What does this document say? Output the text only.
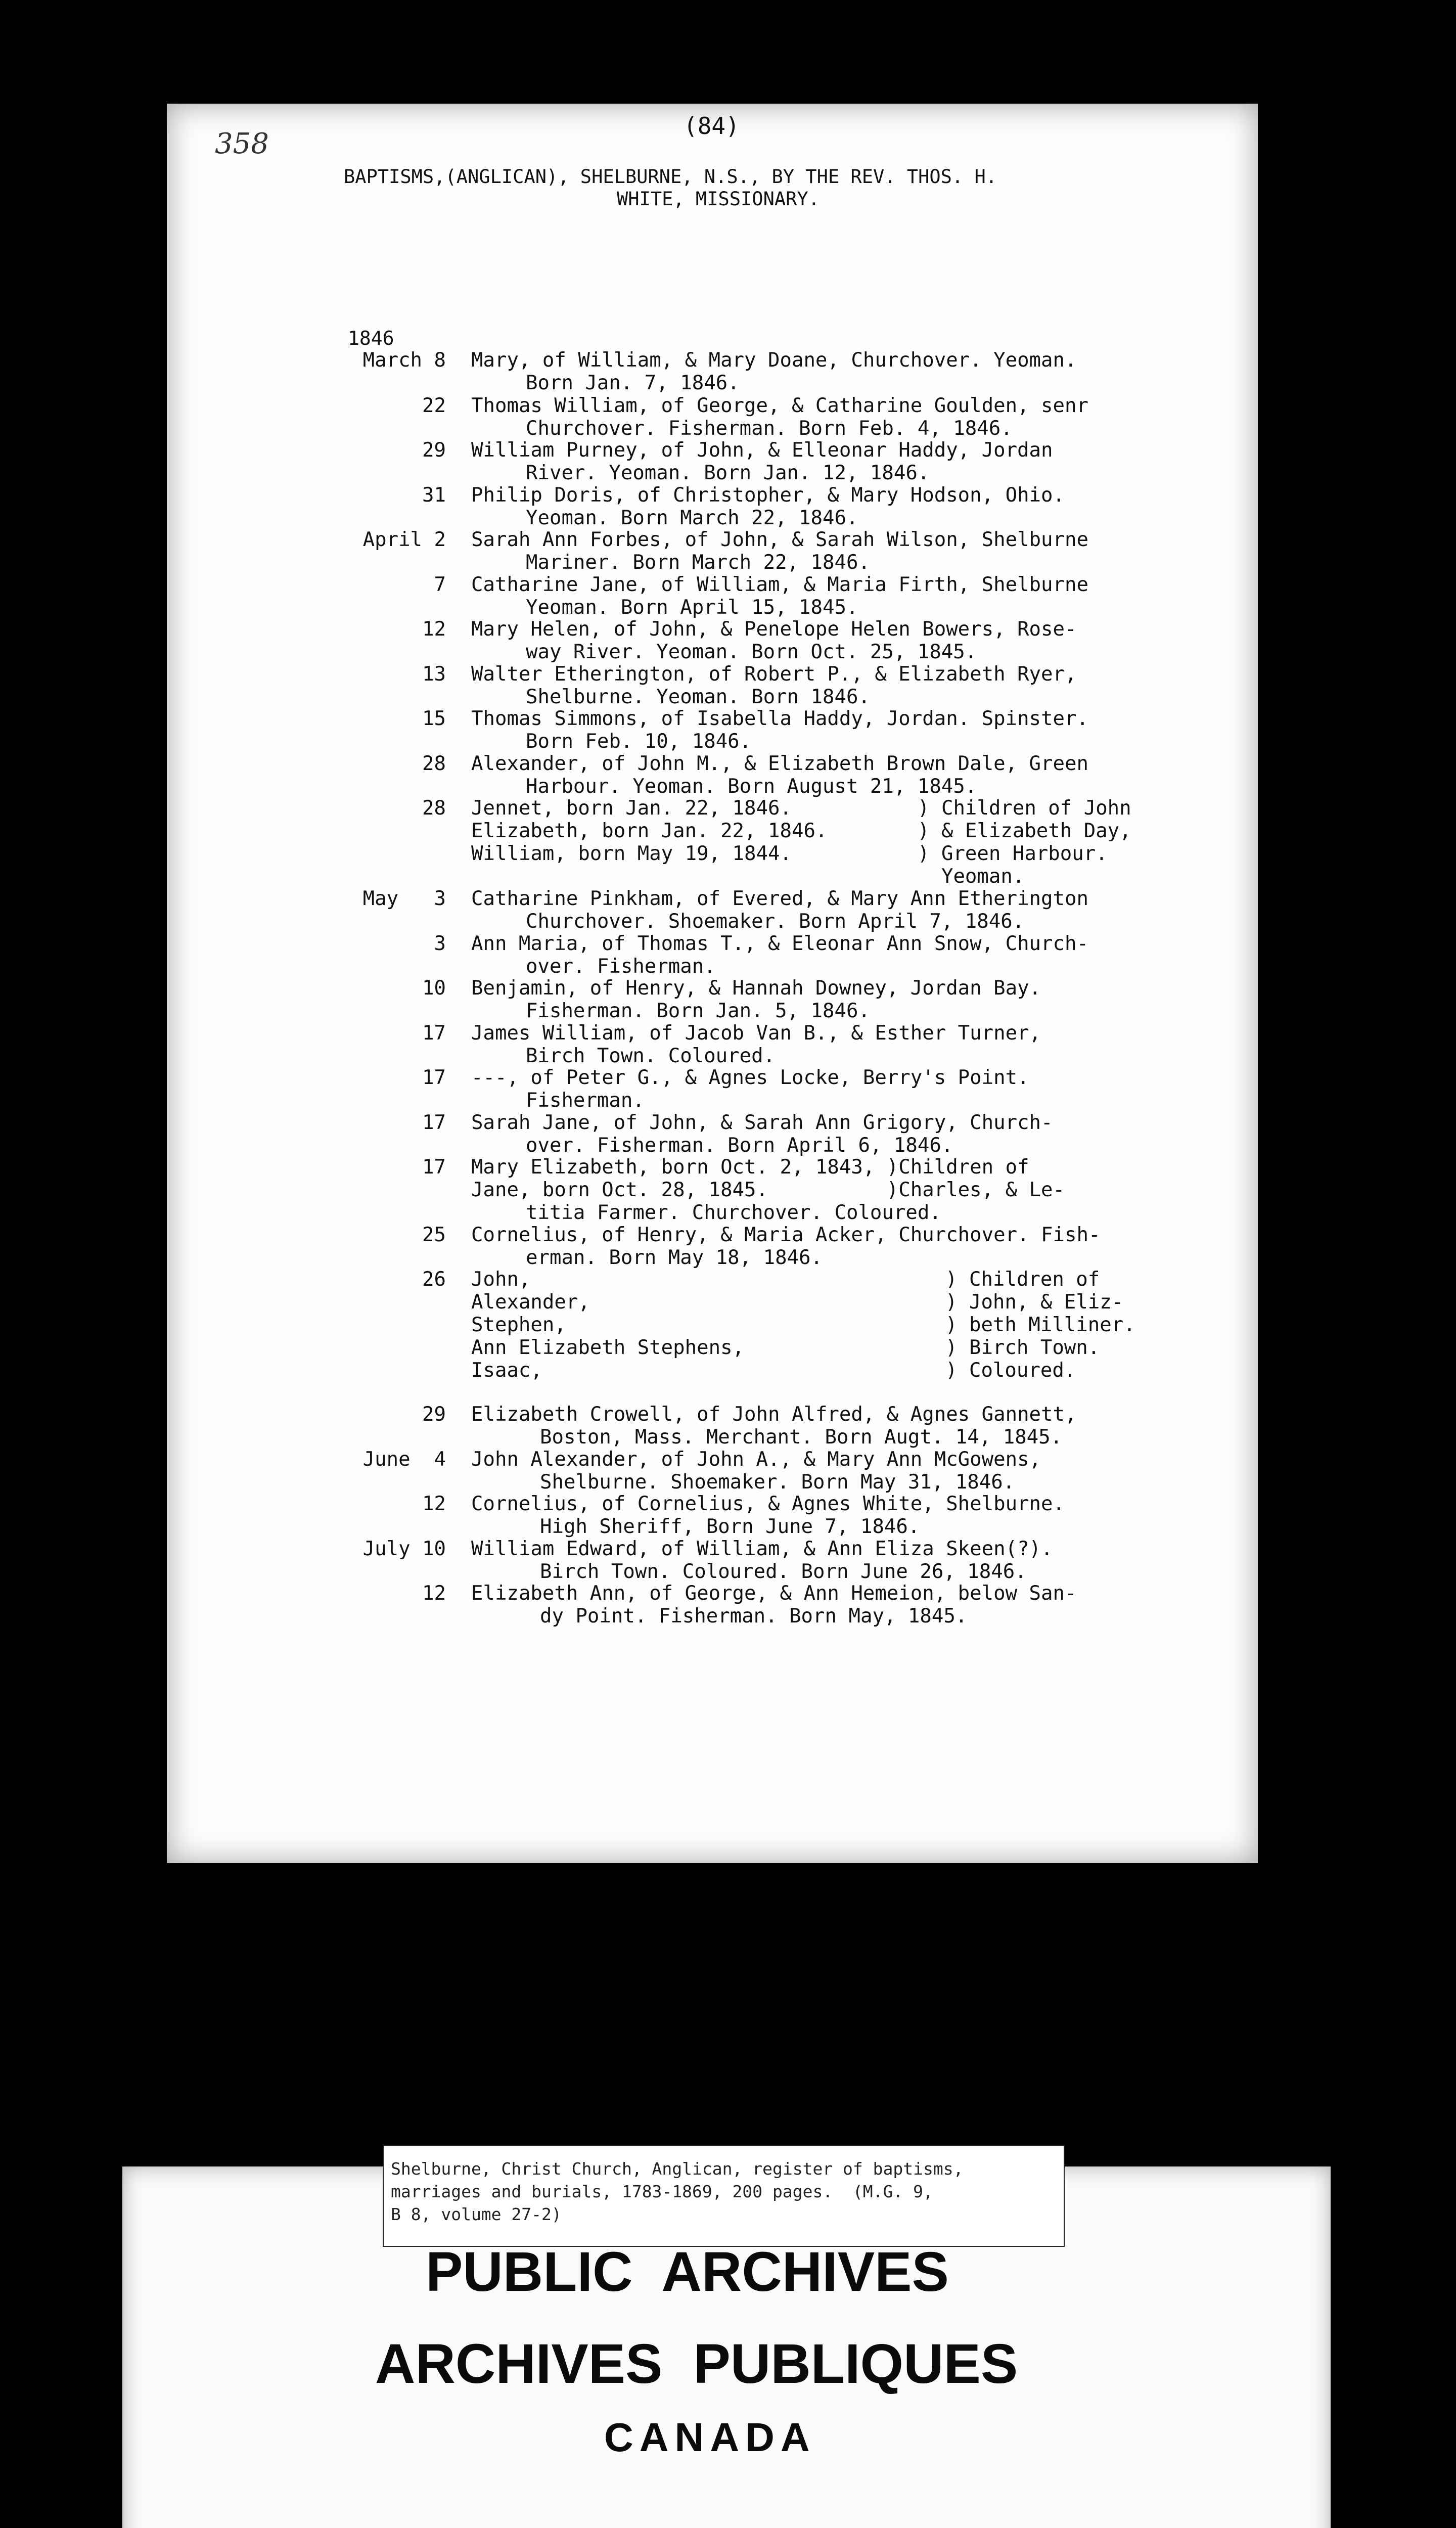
358
(84)
BAPTISMS,(ANGLICAN), SHELBURNE, N.S., BY THE REV. THOS. H.
WHITE, MISSIONARY.
1846
March 8 Mary, of William, & Mary Doane, Churchover. Yeoman.
Born Jan. 7, 1846.
22 Thomas William, of George, & Catharine Goulden, senr
Churchover. Fisherman. Born Feb. 4, 1846.
29 William Purney, of John, & Elleonar Haddy, Jordan
River. Yeoman. Born Jan. 12, 1846.
31 Philip Doris, of Christopher, & Mary Hodson, Ohio.
Yeoman. Born March 22, 1846.
April 2 Sarah Ann Forbes, of John, & Sarah Wilson, Shelburne
Mariner. Born March 22, 1846.
7 Catharine Jane, of William, & Maria Firth, Shelburne
Yeoman. Born April 15, 1845.
12 Mary Helen, of John, & Penelope Helen Bowers, Rose-
way River. Yeoman. Born Oct. 25, 1845.
13 Walter Etherington, of Robert P., & Elizabeth Ryer,
Shelburne. Yeoman. Born 1846.
15 Thomas Simmons, of Isabella Haddy, Jordan. Spinster.
Born Feb. 10, 1846.
28 Alexander, of John M., & Elizabeth Brown Dale, Green
Harbour. Yeoman. Born August 21, 1845.
28 Jennet, born Jan. 22, 1846.
Elizabeth, born Jan. 22, 1846.
William, born May 19, 1844.
) Children of John
) & Elizabeth Day,
) Green Harbour.
Yeoman.
May   3 Catharine Pinkham, of Evered, & Mary Ann Etherington
Churchover. Shoemaker. Born April 7, 1846.
3 Ann Maria, of Thomas T., & Eleonar Ann Snow, Church-
over. Fisherman.
10 Benjamin, of Henry, & Hannah Downey, Jordan Bay.
Fisherman. Born Jan. 5, 1846.
17 James William, of Jacob Van B., & Esther Turner,
Birch Town. Coloured.
17 ---, of Peter G., & Agnes Locke, Berry's Point.
Fisherman.
17 Sarah Jane, of John, & Sarah Ann Grigory, Church-
over. Fisherman. Born April 6, 1846.
17 Mary Elizabeth, born Oct. 2, 1843, )Children of
Jane, born Oct. 28, 1845.          )Charles, & Le-
titia Farmer. Churchover. Coloured.
25 Cornelius, of Henry, & Maria Acker, Churchover. Fish-
erman. Born May 18, 1846.
26 John,
Alexander,
Stephen,
Ann Elizabeth Stephens,
Isaac,
) Children of
) John, & Eliz-
) beth Milliner.
) Birch Town.
) Coloured.
29 Elizabeth Crowell, of John Alfred, & Agnes Gannett,
Boston, Mass. Merchant. Born Augt. 14, 1845.
June  4 John Alexander, of John A., & Mary Ann McGowens,
Shelburne. Shoemaker. Born May 31, 1846.
12 Cornelius, of Cornelius, & Agnes White, Shelburne.
High Sheriff, Born June 7, 1846.
July 10 William Edward, of William, & Ann Eliza Skeen(?).
Birch Town. Coloured. Born June 26, 1846.
12 Elizabeth Ann, of George, & Ann Hemeion, below San-
dy Point. Fisherman. Born May, 1845.
Shelburne, Christ Church, Anglican, register of baptisms,
marriages and burials, 1783-1869, 200 pages.  (M.G. 9,
B 8, volume 27-2)
PUBLIC  ARCHIVES
ARCHIVES  PUBLIQUES
CANADA
